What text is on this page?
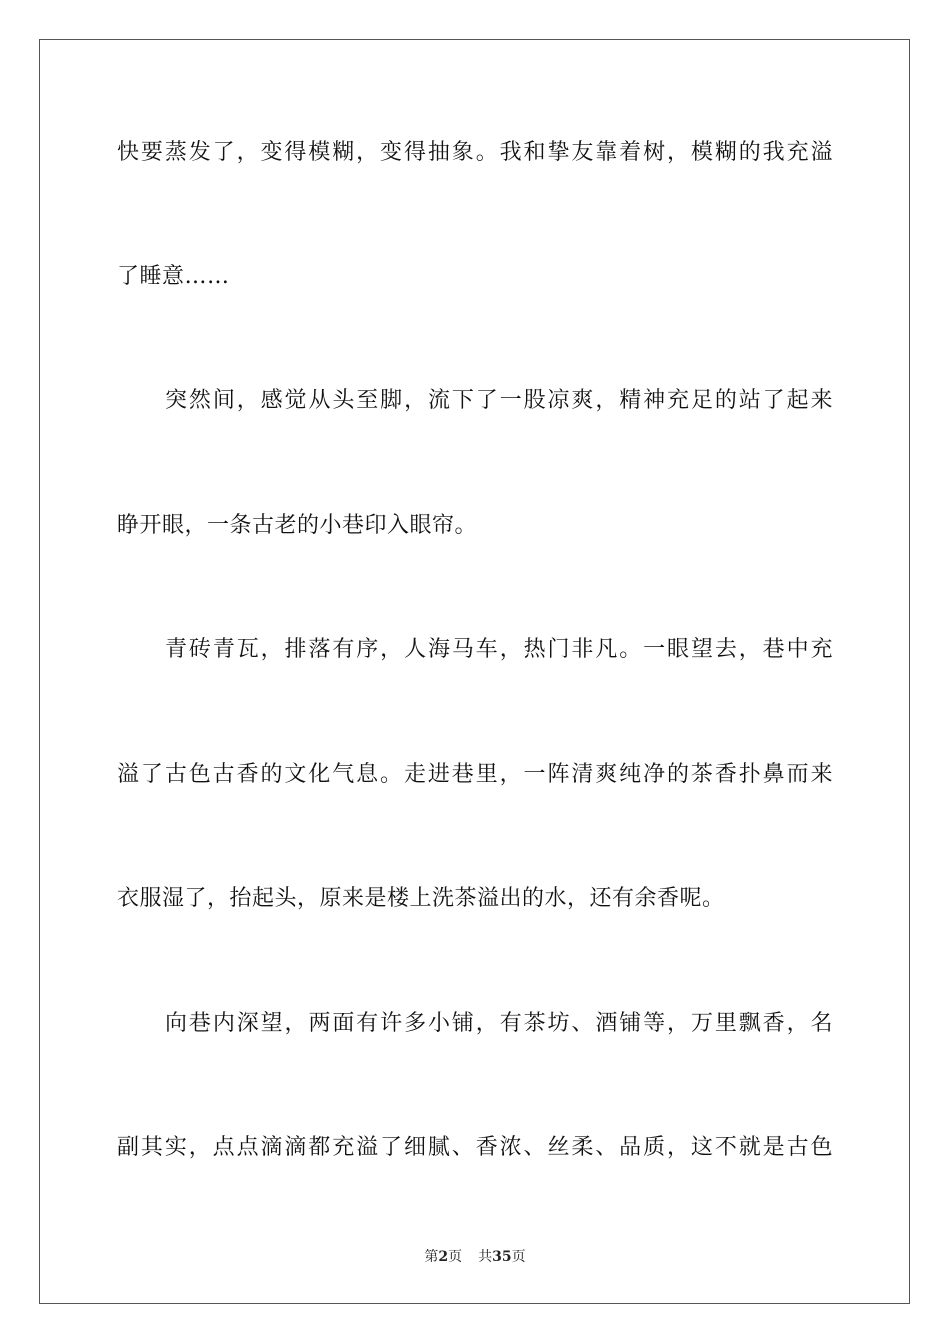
快要蒸发了，变得模糊，变得抽象。我和挚友靠着树，模糊的我充溢
了睡意……
突然间，感觉从头至脚，流下了一股凉爽，精神充足的站了起来
睁开眼，一条古老的小巷印入眼帘。
青砖青瓦，排落有序，人海马车，热门非凡。一眼望去，巷中充
溢了古色古香的文化气息。走进巷里，一阵清爽纯净的茶香扑鼻而来
衣服湿了，抬起头，原来是楼上洗茶溢出的水，还有余香呢。
向巷内深望，两面有许多小铺，有茶坊、酒铺等，万里飘香，名
副其实，点点滴滴都充溢了细腻、香浓、丝柔、品质，这不就是古色
第2页 共35页
